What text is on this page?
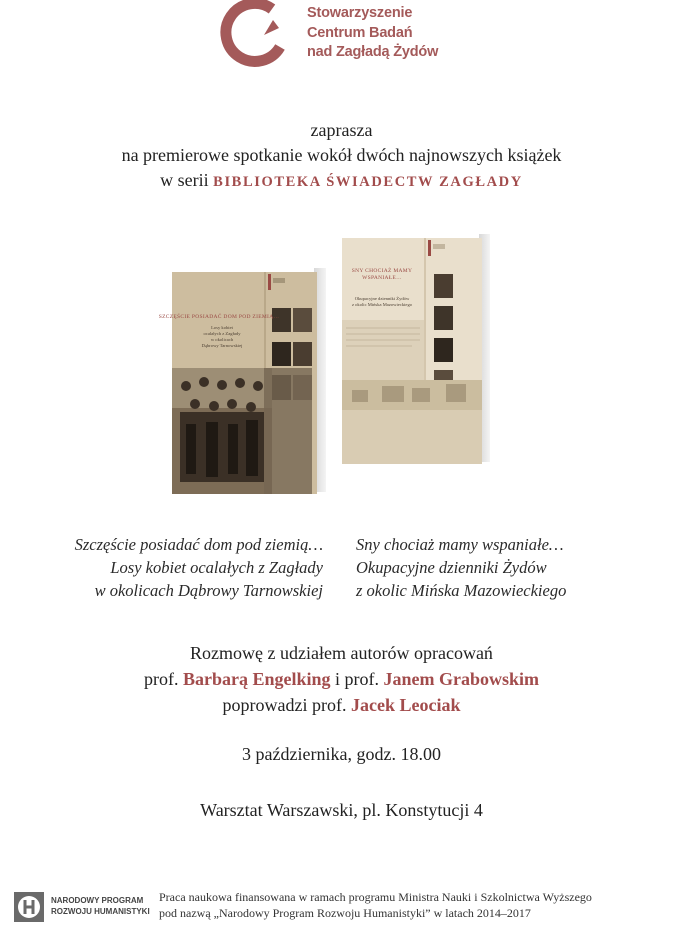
Stowarzyszenie
Centrum Badań
nad Zagładą Żydów
zaprasza
na premierowe spotkanie wokół dwóch najnowszych książek
w serii BIBLIOTEKA ŚWIADECTW ZAGŁADY
SZCZĘŚCIE POSIADAĆ DOM POD ZIEMIĄ…
Losy kobiet
ocalałych z Zagłady
w okolicach
Dąbrowy Tarnowskiej
SNY CHOCIAŻ MAMY
WSPANIAŁE…
Okupacyjne dzienniki Żydów
z okolic Mińska Mazowieckiego
Szczęście posiadać dom pod ziemią…
Losy kobiet ocalałych z Zagłady
w okolicach Dąbrowy Tarnowskiej
Sny chociaż mamy wspaniałe…
Okupacyjne dzienniki Żydów
z okolic Mińska Mazowieckiego
Rozmowę z udziałem autorów opracowań
prof. Barbarą Engelking i prof. Janem Grabowskim
poprowadzi prof. Jacek Leociak
3 października, godz. 18.00
Warsztat Warszawski, pl. Konstytucji 4
NARODOWY PROGRAM
ROZWOJU HUMANISTYKI
Praca naukowa finansowana w ramach programu Ministra Nauki i Szkolnictwa Wyższego
pod nazwą „Narodowy Program Rozwoju Humanistyki” w latach 2014–2017
